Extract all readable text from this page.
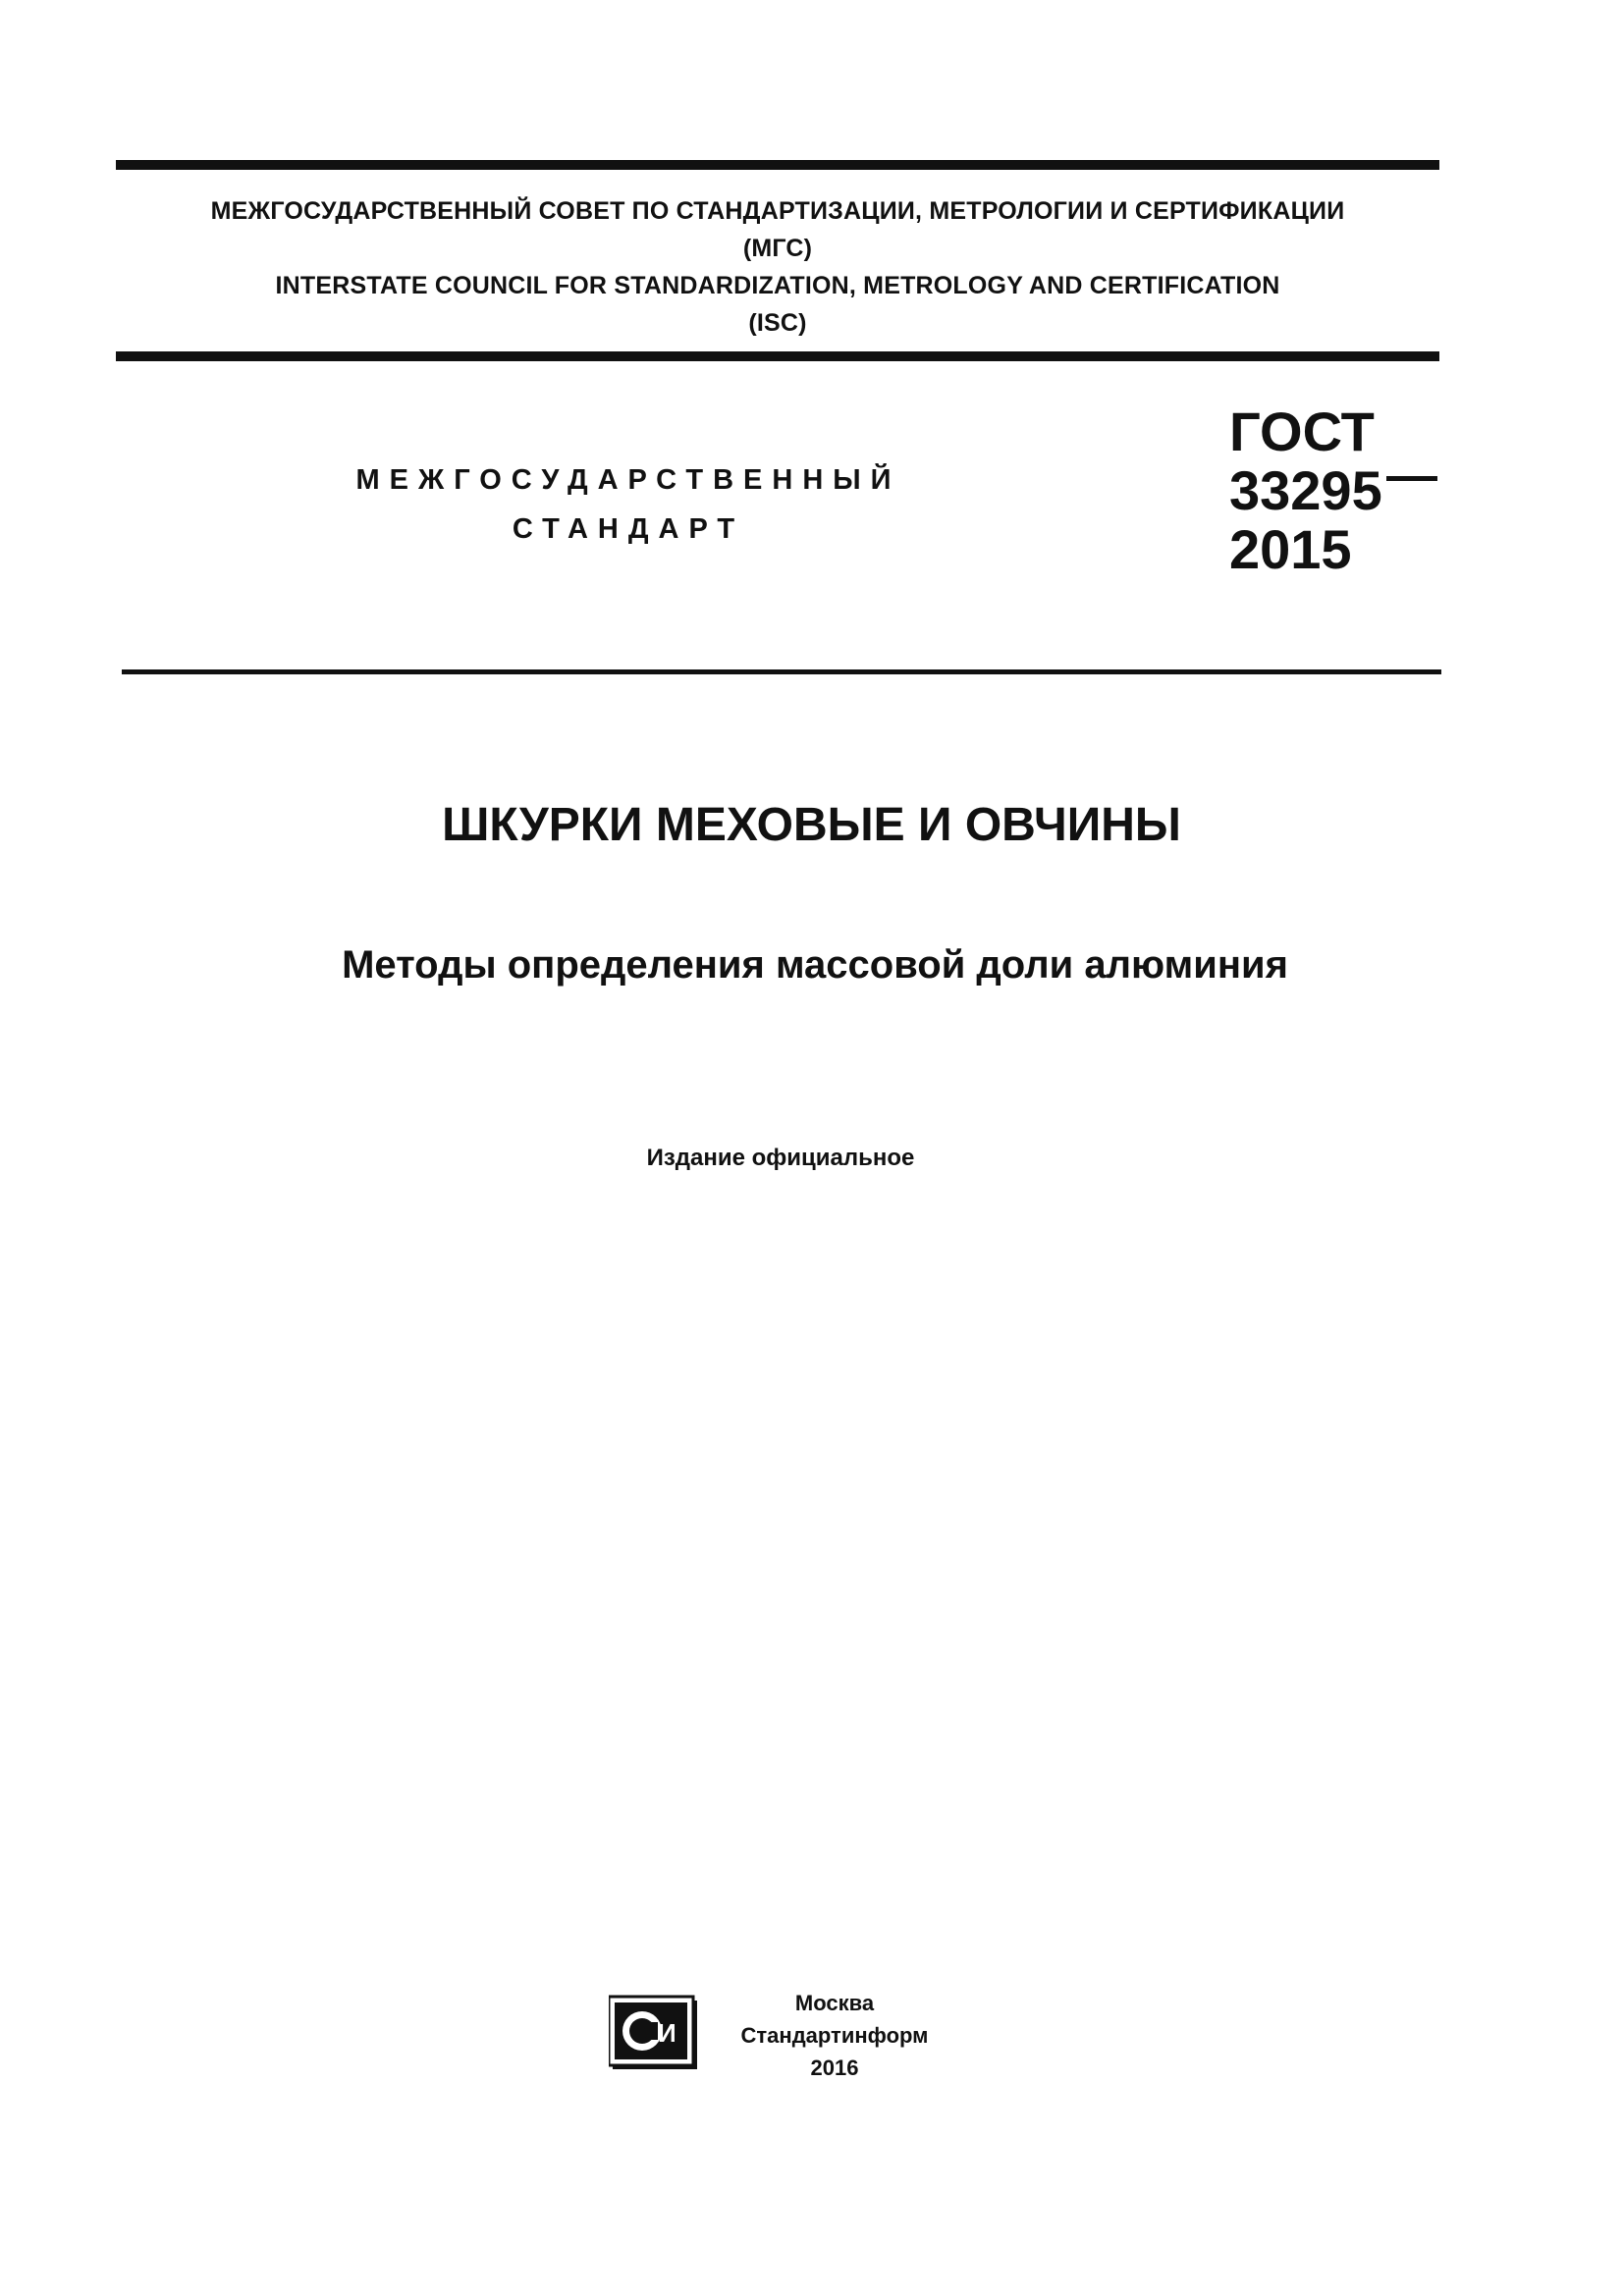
МЕЖГОСУДАРСТВЕННЫЙ СОВЕТ ПО СТАНДАРТИЗАЦИИ, МЕТРОЛОГИИ И СЕРТИФИКАЦИИ
(МГС)
INTERSTATE COUNCIL FOR STANDARDIZATION, METROLOGY AND CERTIFICATION
(ISC)
МЕЖГОСУДАРСТВЕННЫЙ
СТАНДАРТ
ГОСТ
33295
2015
ШКУРКИ МЕХОВЫЕ И ОВЧИНЫ
Методы определения массовой доли алюминия
Издание официальное
И
Москва
Стандартинформ
2016
